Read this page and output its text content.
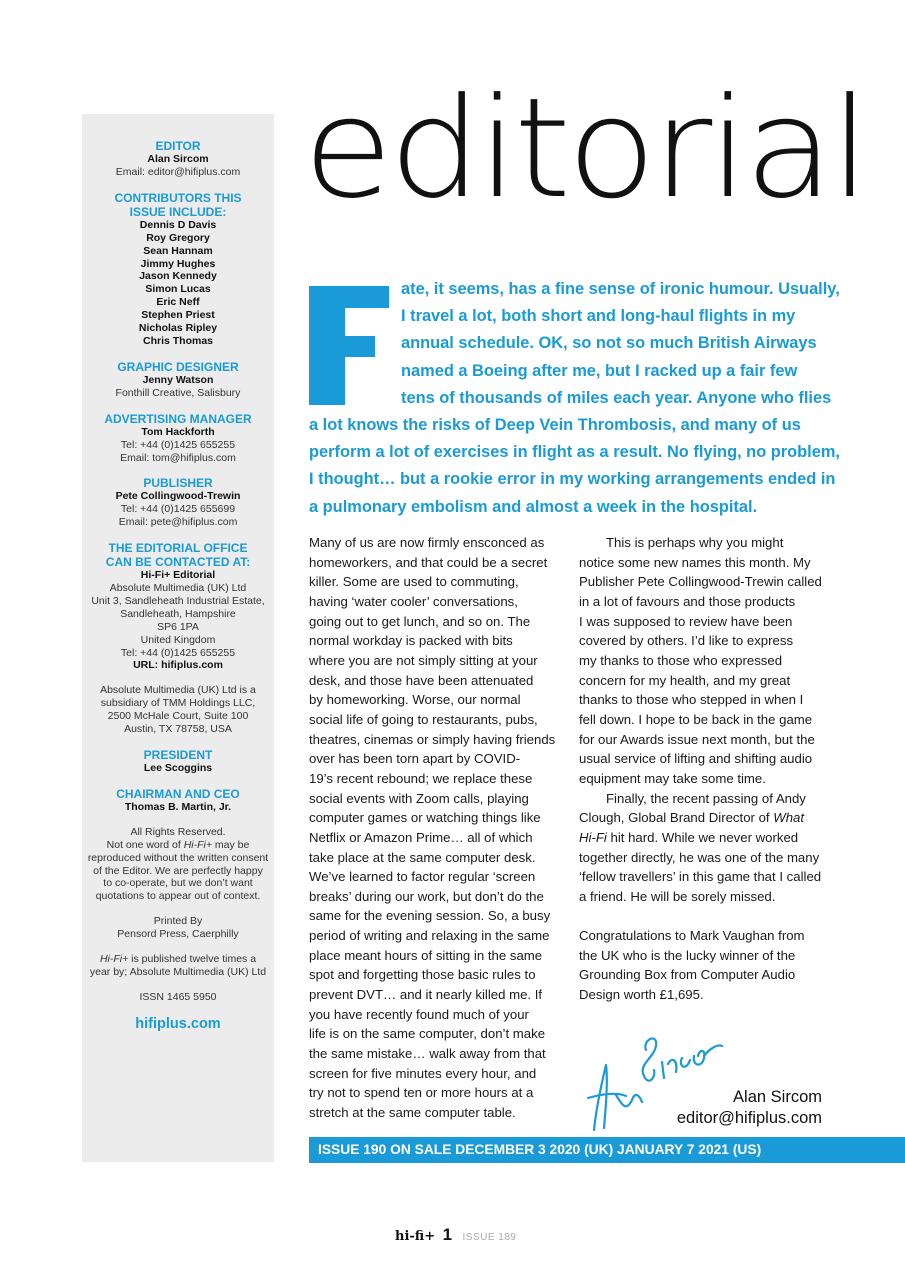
EDITOR
Alan Sircom
Email: editor@hifiplus.com
CONTRIBUTORS THIS
ISSUE INCLUDE:
Dennis D Davis
Roy Gregory
Sean Hannam
Jimmy Hughes
Jason Kennedy
Simon Lucas
Eric Neff
Stephen Priest
Nicholas Ripley
Chris Thomas
GRAPHIC DESIGNER
Jenny Watson
Fonthill Creative, Salisbury
ADVERTISING MANAGER
Tom Hackforth
Tel: +44 (0)1425 655255
Email: tom@hifiplus.com
PUBLISHER
Pete Collingwood-Trewin
Tel: +44 (0)1425 655699
Email: pete@hifiplus.com
THE EDITORIAL OFFICE
CAN BE CONTACTED AT:
Hi-Fi+ Editorial
Absolute Multimedia (UK) Ltd
Unit 3, Sandleheath Industrial Estate,
Sandleheath, Hampshire
SP6 1PA
United Kingdom
Tel: +44 (0)1425 655255
URL: hifiplus.com
Absolute Multimedia (UK) Ltd is a
subsidiary of TMM Holdings LLC,
2500 McHale Court, Suite 100
Austin, TX 78758, USA
PRESIDENT
Lee Scoggins
CHAIRMAN AND CEO
Thomas B. Martin, Jr.
All Rights Reserved.
Not one word of Hi-Fi+ may be
reproduced without the written consent
of the Editor. We are perfectly happy
to co-operate, but we don’t want
quotations to appear out of context.
Printed By
Pensord Press, Caerphilly
Hi-Fi+ is published twelve times a
year by; Absolute Multimedia (UK) Ltd
ISSN 1465 5950
hifiplus.com
editorial
ate, it seems, has a fine sense of ironic humour. Usually,
I travel a lot, both short and long-haul flights in my
annual schedule. OK, so not so much British Airways
named a Boeing after me, but I racked up a fair few
tens of thousands of miles each year. Anyone who flies
a lot knows the risks of Deep Vein Thrombosis, and many of us
perform a lot of exercises in flight as a result. No flying, no problem,
I thought… but a rookie error in my working arrangements ended in
a pulmonary embolism and almost a week in the hospital.
Many of us are now firmly ensconced as
homeworkers, and that could be a secret
killer. Some are used to commuting,
having ‘water cooler’ conversations,
going out to get lunch, and so on. The
normal workday is packed with bits
where you are not simply sitting at your
desk, and those have been attenuated
by homeworking. Worse, our normal
social life of going to restaurants, pubs,
theatres, cinemas or simply having friends
over has been torn apart by COVID-
19’s recent rebound; we replace these
social events with Zoom calls, playing
computer games or watching things like
Netflix or Amazon Prime… all of which
take place at the same computer desk.
We’ve learned to factor regular ‘screen
breaks’ during our work, but don’t do the
same for the evening session. So, a busy
period of writing and relaxing in the same
place meant hours of sitting in the same
spot and forgetting those basic rules to
prevent DVT… and it nearly killed me. If
you have recently found much of your
life is on the same computer, don’t make
the same mistake… walk away from that
screen for five minutes every hour, and
try not to spend ten or more hours at a
stretch at the same computer table.
This is perhaps why you might
notice some new names this month. My
Publisher Pete Collingwood-Trewin called
in a lot of favours and those products
I was supposed to review have been
covered by others. I’d like to express
my thanks to those who expressed
concern for my health, and my great
thanks to those who stepped in when I
fell down. I hope to be back in the game
for our Awards issue next month, but the
usual service of lifting and shifting audio
equipment may take some time.
Finally, the recent passing of Andy
Clough, Global Brand Director of What
Hi-Fi hit hard. While we never worked
together directly, he was one of the many
‘fellow travellers’ in this game that I called
a friend. He will be sorely missed.
Congratulations to Mark Vaughan from
the UK who is the lucky winner of the
Grounding Box from Computer Audio
Design worth £1,695.
Alan Sircom
editor@hifiplus.com
ISSUE 190 ON SALE DECEMBER 3 2020 (UK) JANUARY 7 2021 (US)
hi-fi+ 1 ISSUE 189
